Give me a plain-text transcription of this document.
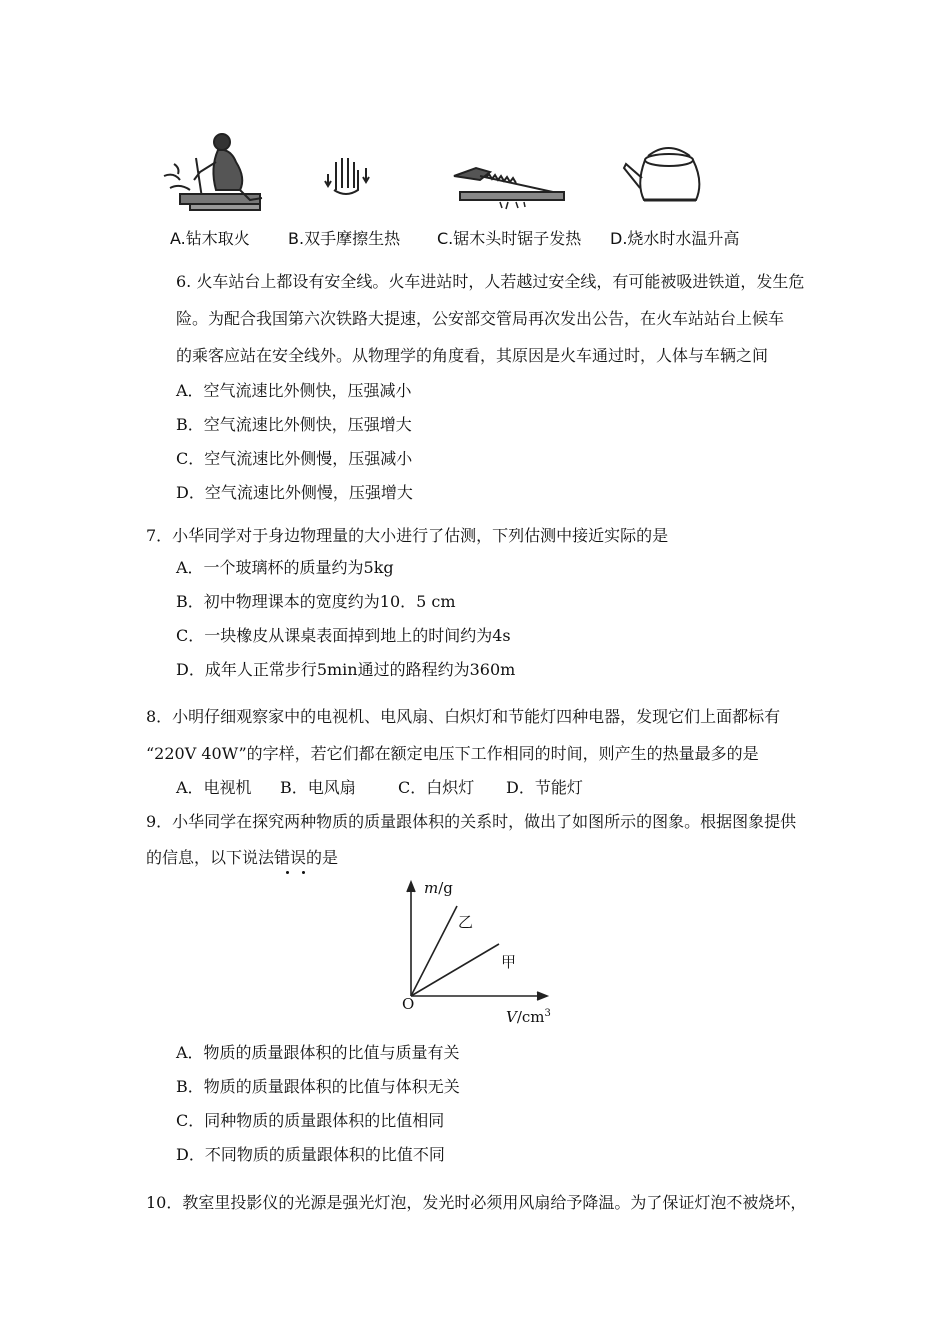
A.钻木取火 B.双手摩擦生热 C.锯木头时锯子发热 D.烧水时水温升高
6. 火车站台上都设有安全线。火车进站时，人若越过安全线，有可能被吸进铁道，发生危
险。为配合我国第六次铁路大提速，公安部交管局再次发出公告，在火车站站台上候车
的乘客应站在安全线外。从物理学的角度看，其原因是火车通过时，人体与车辆之间
A．空气流速比外侧快，压强减小
B．空气流速比外侧快，压强增大
C．空气流速比外侧慢，压强减小
D．空气流速比外侧慢，压强增大
7．小华同学对于身边物理量的大小进行了估测，下列估测中接近实际的是
A．一个玻璃杯的质量约为5kg
B．初中物理课本的宽度约为10．5 cm
C．一块橡皮从课桌表面掉到地上的时间约为4s
D．成年人正常步行5min通过的路程约为360m
8．小明仔细观察家中的电视机、电风扇、白炽灯和节能灯四种电器，发现它们上面都标有
“220V 40W”的字样，若它们都在额定电压下工作相同的时间，则产生的热量最多的是
A．电视机 B．电风扇	C．白炽灯 D．节能灯
9．小华同学在探究两种物质的质量跟体积的关系时，做出了如图所示的图象。根据图象提供
的信息，以下说法错误的是
m/g
乙
甲
O
$V/cm^3$
A．物质的质量跟体积的比值与质量有关
B．物质的质量跟体积的比值与体积无关
C．同种物质的质量跟体积的比值相同
D．不同物质的质量跟体积的比值不同
10．教室里投影仪的光源是强光灯泡，发光时必须用风扇给予降温。为了保证灯泡不被烧坏，
